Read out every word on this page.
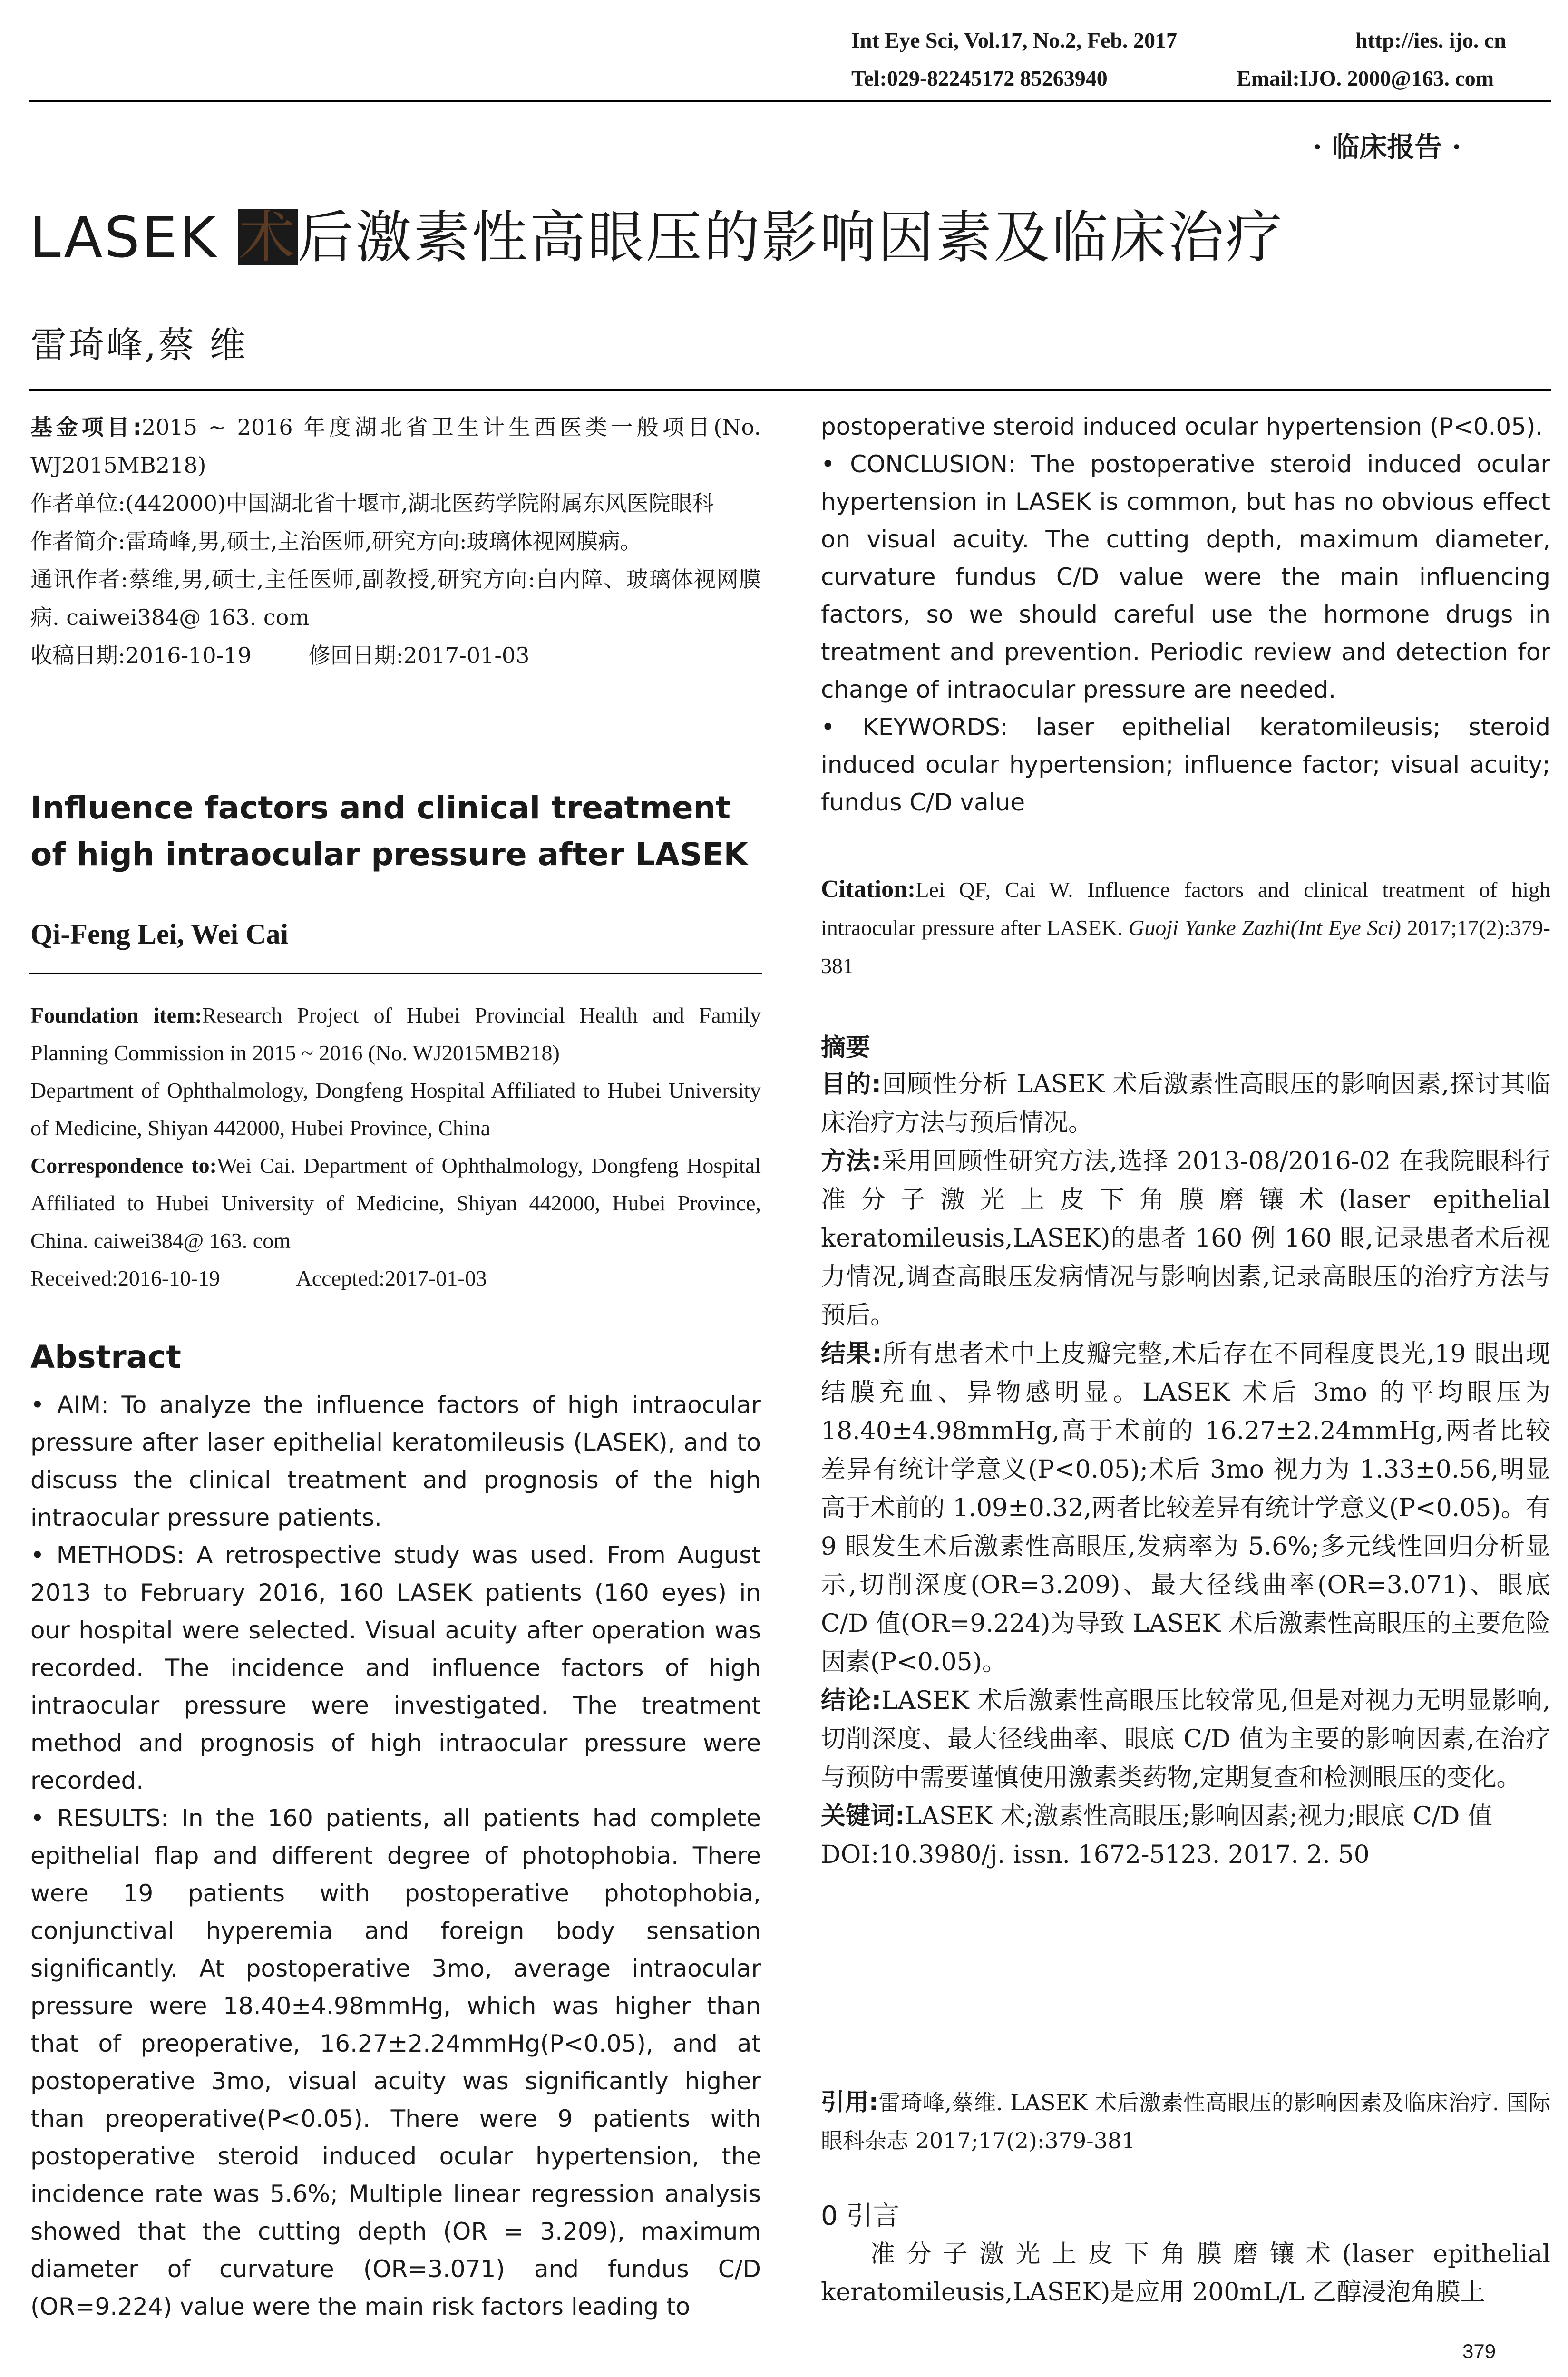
Int Eye Sci, Vol.17, No.2, Feb. 2017	http://ies. ijo. cn
Tel:029-82245172 85263940	Email:IJO. 2000@163. com
· 临床报告 ·
LASEK 术后激素性高眼压的影响因素及临床治疗
雷琦峰,蔡 维
基金项目:2015 ~ 2016 年度湖北省卫生计生西医类一般项目(No. WJ2015MB218)
作者单位:(442000)中国湖北省十堰市,湖北医药学院附属东风医院眼科
作者简介:雷琦峰,男,硕士,主治医师,研究方向:玻璃体视网膜病。
通讯作者:蔡维,男,硕士,主任医师,副教授,研究方向:白内障、玻璃体视网膜病. caiwei384@ 163. com
收稿日期:2016-10-19	修回日期:2017-01-03
Influence factors and clinical treatment of high intraocular pressure after LASEK
Qi-Feng Lei, Wei Cai
Foundation item:Research Project of Hubei Provincial Health and Family Planning Commission in 2015 ~ 2016 (No. WJ2015MB218)
Department of Ophthalmology, Dongfeng Hospital Affiliated to Hubei University of Medicine, Shiyan 442000, Hubei Province, China
Correspondence to:Wei Cai. Department of Ophthalmology, Dongfeng Hospital Affiliated to Hubei University of Medicine, Shiyan 442000, Hubei Province, China. caiwei384@ 163. com
Received:2016-10-19	Accepted:2017-01-03
Abstract

• AIM: To analyze the influence factors of high intraocular pressure after laser epithelial keratomileusis (LASEK), and to discuss the clinical treatment and prognosis of the high intraocular pressure patients.

• METHODS: A retrospective study was used. From August 2013 to February 2016, 160 LASEK patients (160 eyes) in our hospital were selected. Visual acuity after operation was recorded. The incidence and influence factors of high intraocular pressure were investigated. The treatment method and prognosis of high intraocular pressure were recorded.

• RESULTS: In the 160 patients, all patients had complete epithelial flap and different degree of photophobia. There were 19 patients with postoperative photophobia, conjunctival hyperemia and foreign body sensation significantly. At postoperative 3mo, average intraocular pressure were 18.40±4.98mmHg, which was higher than that of preoperative, 16.27±2.24mmHg(P<0.05), and at postoperative 3mo, visual acuity was significantly higher than preoperative(P<0.05). There were 9 patients with postoperative steroid induced ocular hypertension, the incidence rate was 5.6%; Multiple linear regression analysis showed that the cutting depth (OR = 3.209), maximum diameter of curvature (OR=3.071) and fundus C/D (OR=9.224) value were the main risk factors leading to

postoperative steroid induced ocular hypertension (P<0.05).

• CONCLUSION: The postoperative steroid induced ocular hypertension in LASEK is common, but has no obvious effect on visual acuity. The cutting depth, maximum diameter, curvature fundus C/D value were the main influencing factors, so we should careful use the hormone drugs in treatment and prevention. Periodic review and detection for change of intraocular pressure are needed.

• KEYWORDS: laser epithelial keratomileusis; steroid induced ocular hypertension; influence factor; visual acuity; fundus C/D value

Citation:Lei QF, Cai W. Influence factors and clinical treatment of high intraocular pressure after LASEK. Guoji Yanke Zazhi(Int Eye Sci) 2017;17(2):379-381
摘要

目的:回顾性分析 LASEK 术后激素性高眼压的影响因素,探讨其临床治疗方法与预后情况。

方法:采用回顾性研究方法,选择 2013-08/2016-02 在我院眼科行准分子激光上皮下角膜磨镶术(laser epithelial keratomileusis,LASEK)的患者 160 例 160 眼,记录患者术后视力情况,调查高眼压发病情况与影响因素,记录高眼压的治疗方法与预后。

结果:所有患者术中上皮瓣完整,术后存在不同程度畏光,19 眼出现结膜充血、异物感明显。LASEK 术后 3mo 的平均眼压为 18.40±4.98mmHg,高于术前的 16.27±2.24mmHg,两者比较差异有统计学意义(P<0.05);术后 3mo 视力为 1.33±0.56,明显高于术前的 1.09±0.32,两者比较差异有统计学意义(P<0.05)。有 9 眼发生术后激素性高眼压,发病率为 5.6%;多元线性回归分析显示,切削深度(OR=3.209)、最大径线曲率(OR=3.071)、眼底 C/D 值(OR=9.224)为导致 LASEK 术后激素性高眼压的主要危险因素(P<0.05)。

结论:LASEK 术后激素性高眼压比较常见,但是对视力无明显影响,切削深度、最大径线曲率、眼底 C/D 值为主要的影响因素,在治疗与预防中需要谨慎使用激素类药物,定期复查和检测眼压的变化。

关键词:LASEK 术;激素性高眼压;影响因素;视力;眼底 C/D 值

DOI:10.3980/j. issn. 1672-5123. 2017. 2. 50

引用:雷琦峰,蔡维. LASEK 术后激素性高眼压的影响因素及临床治疗. 国际眼科杂志 2017;17(2):379-381
0 引言
准分子激光上皮下角膜磨镶术(laser epithelial keratomileusis,LASEK)是应用 200mL/L 乙醇浸泡角膜上
379
